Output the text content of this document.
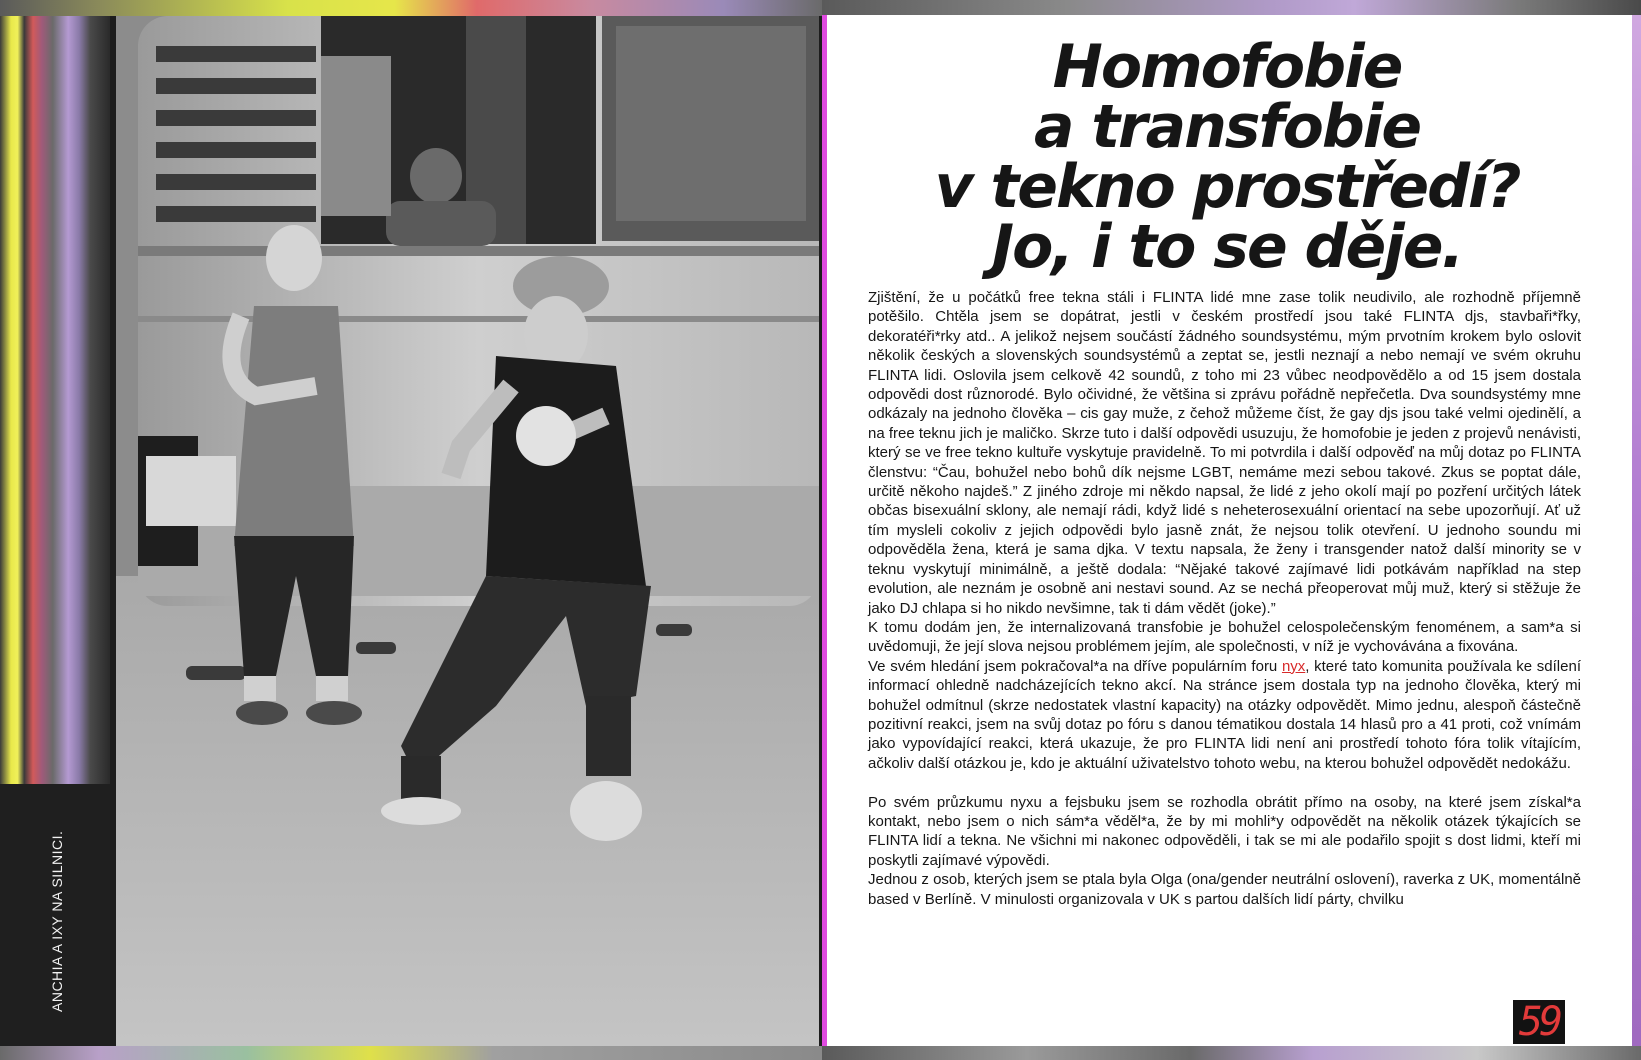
ANCHIA A IXY NA SILNICI.
Homofobie
a transfobie
v tekno prostředí?
Jo, i to se děje.

Zjištění, že u počátků free tekna stáli i FLINTA lidé mne zase tolik neudivilo, ale rozhodně příjemně potěšilo. Chtěla jsem se dopátrat, jestli v českém prostředí jsou také FLINTA djs, stavbaři*řky, dekoratéři*rky atd.. A jelikož nejsem součástí žádného soundsystému, mým prvotním krokem bylo oslovit několik českých a slovenských soundsystémů a zeptat se, jestli neznají a nebo nemají ve svém okruhu FLINTA lidi. Oslovila jsem celkově 42 soundů, z toho mi 23 vůbec neodpovědělo a od 15 jsem dostala odpovědi dost různorodé. Bylo očividné, že většina si zprávu pořádně nepřečetla. Dva soundsystémy mne odkázaly na jednoho člověka – cis gay muže, z čehož můžeme číst, že gay djs jsou také velmi ojedinělí, a na free teknu jich je maličko. Skrze tuto i další odpovědi usuzuju, že homofobie je jeden z projevů nenávisti, který se ve free tekno kultuře vyskytuje pravidelně. To mi potvrdila i další odpověď na můj dotaz po FLINTA členstvu: “Čau, bohužel nebo bohů dík nejsme LGBT, nemáme mezi sebou takové. Zkus se poptat dále, určitě někoho najdeš.” Z jiného zdroje mi někdo napsal, že lidé z jeho okolí mají po pozření určitých látek občas bisexuální sklony, ale nemají rádi, když lidé s neheterosexuální orientací na sebe upozorňují. Ať už tím mysleli cokoliv z jejich odpovědi bylo jasně znát, že nejsou tolik otevření. U jednoho soundu mi odpověděla žena, která je sama djka. V textu napsala, že ženy i transgender natož další minority se v teknu vyskytují minimálně, a ještě dodala: “Nějaké takové zajímavé lidi potkávám například na step evolution, ale neznám je osobně ani nestavi sound. Az se nechá přeoperovat můj muž, který si stěžuje že jako DJ chlapa si ho nikdo nevšimne, tak ti dám vědět (joke).”

K tomu dodám jen, že internalizovaná transfobie je bohužel celospolečenským fenoménem, a sam*a si uvědomuji, že její slova nejsou problémem jejím, ale společnosti, v níž je vychovávána a fixována.

Ve svém hledání jsem pokračoval*a na dříve populárním foru nyx, které tato komunita používala ke sdílení informací ohledně nadcházejících tekno akcí. Na stránce jsem dostala typ na jednoho člověka, který mi bohužel odmítnul (skrze nedostatek vlastní kapacity) na otázky odpovědět. Mimo jednu, alespoň částečně pozitivní reakci, jsem na svůj dotaz po fóru s danou tématikou dostala 14 hlasů pro a 41 proti, což vnímám jako vypovídající reakci, která ukazuje, že pro FLINTA lidi není ani prostředí tohoto fóra tolik vítajícím, ačkoliv další otázkou je, kdo je aktuální uživatelstvo tohoto webu, na kterou bohužel odpovědět nedokážu.

Po svém průzkumu nyxu a fejsbuku jsem se rozhodla obrátit přímo na osoby, na které jsem získal*a kontakt, nebo jsem o nich sám*a věděl*a, že by mi mohli*y odpovědět na několik otázek týkajících se FLINTA lidí a tekna. Ne všichni mi nakonec odpověděli, i tak se mi ale podařilo spojit s dost lidmi, kteří mi poskytli zajímavé výpovědi.

Jednou z osob, kterých jsem se ptala byla Olga (ona/gender neutrální oslovení), raverka z UK, momentálně based v Berlíně. V minulosti organizovala v UK s partou dalších lidí párty, chvilku

59
